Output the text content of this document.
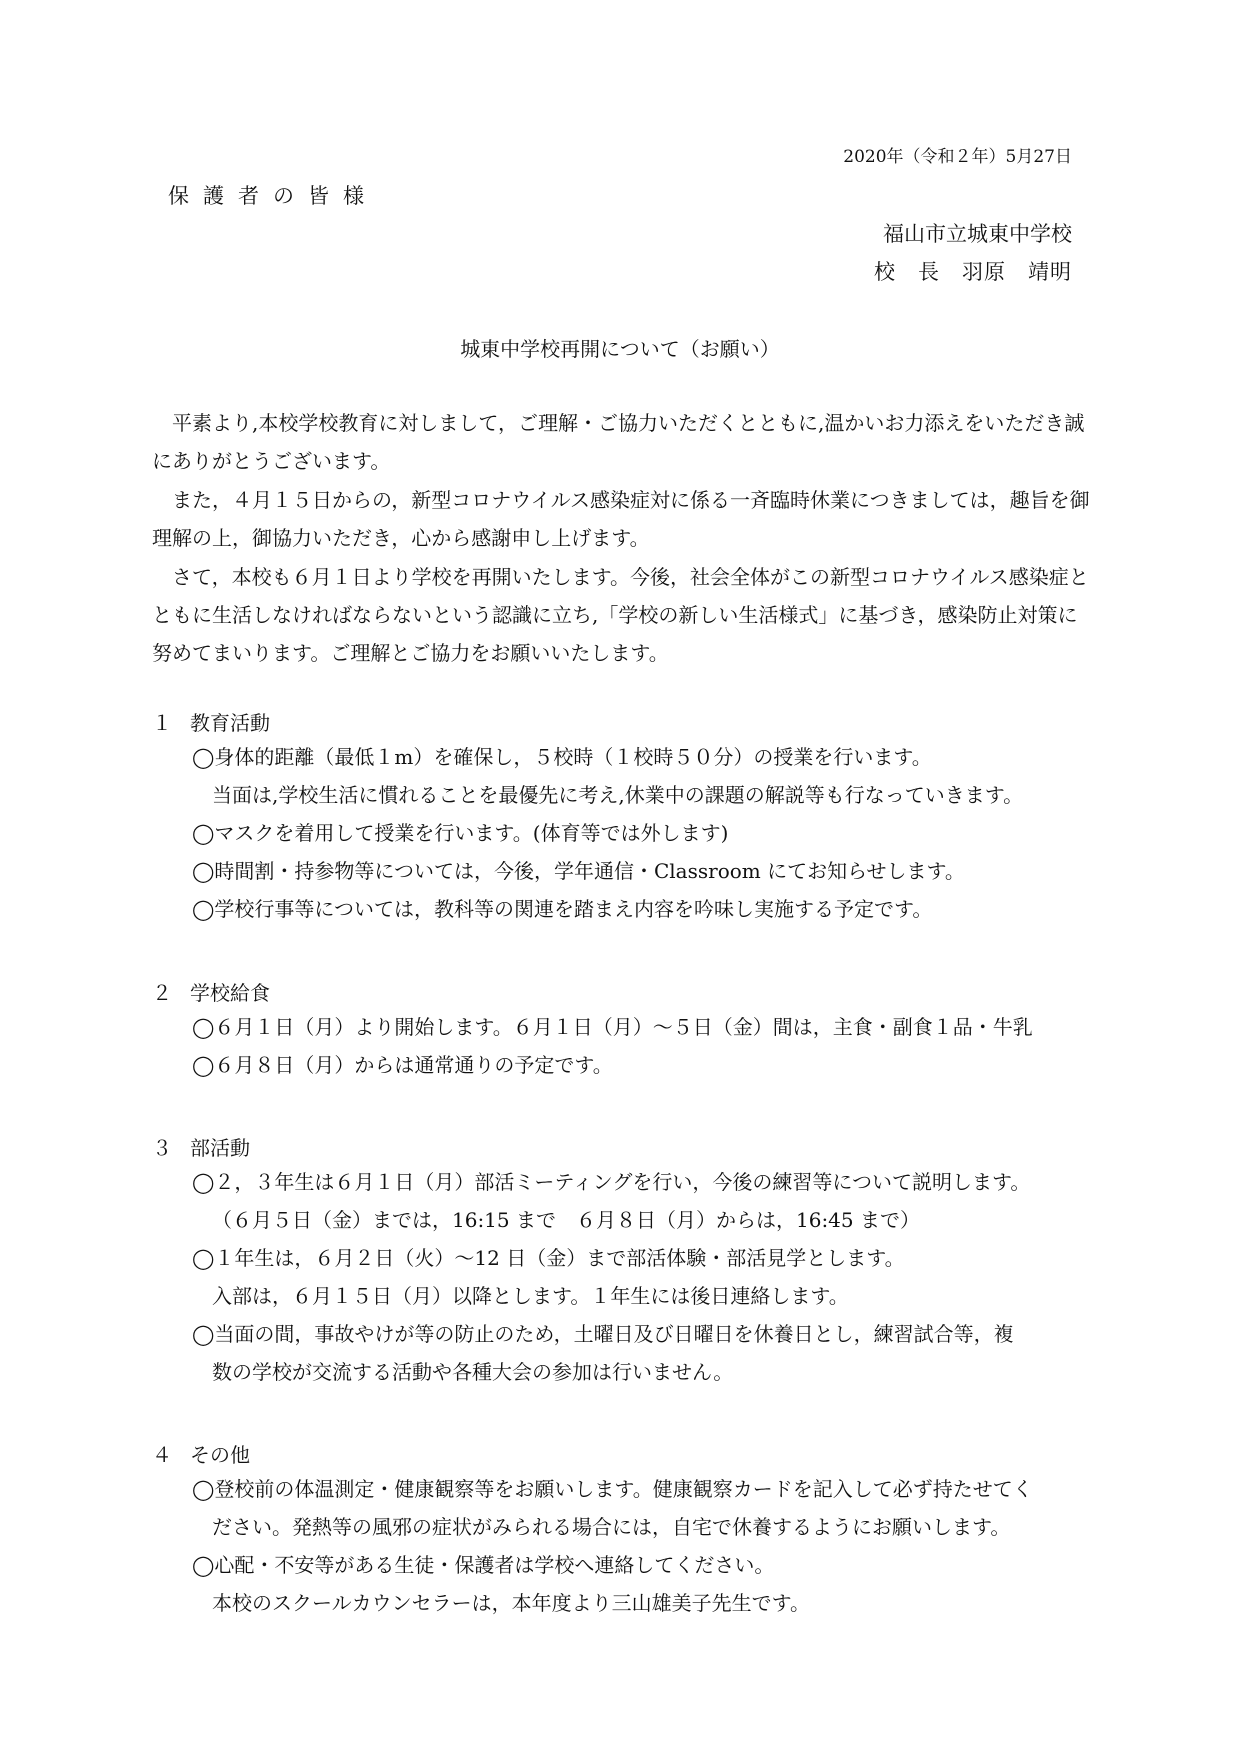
2020年（令和２年）5月27日
保護者の皆様
福山市立城東中学校
校　長　羽原　靖明
城東中学校再開について（お願い）
平素より,本校学校教育に対しまして，ご理解・ご協力いただくとともに,温かいお力添えをいただき誠にありがとうございます。
また，４月１５日からの，新型コロナウイルス感染症対に係る一斉臨時休業につきましては，趣旨を御理解の上，御協力いただき，心から感謝申し上げます。
さて，本校も６月１日より学校を再開いたします。今後，社会全体がこの新型コロナウイルス感染症とともに生活しなければならないという認識に立ち,「学校の新しい生活様式」に基づき，感染防止対策に努めてまいります。ご理解とご協力をお願いいたします。
１ 教育活動
◯身体的距離（最低１m）を確保し，５校時（１校時５０分）の授業を行います。
当面は,学校生活に慣れることを最優先に考え,休業中の課題の解説等も行なっていきます。
◯マスクを着用して授業を行います。(体育等では外します)
◯時間割・持参物等については，今後，学年通信・Classroom にてお知らせします。
◯学校行事等については，教科等の関連を踏まえ内容を吟味し実施する予定です。
２ 学校給食
◯６月１日（月）より開始します。６月１日（月）～５日（金）間は，主食・副食１品・牛乳
◯６月８日（月）からは通常通りの予定です。
３ 部活動
◯２，３年生は６月１日（月）部活ミーティングを行い，今後の練習等について説明します。
（６月５日（金）までは，16:15 まで　６月８日（月）からは，16:45 まで）
◯１年生は，６月２日（火）～12 日（金）まで部活体験・部活見学とします。
入部は，６月１５日（月）以降とします。１年生には後日連絡します。
◯当面の間，事故やけが等の防止のため，土曜日及び日曜日を休養日とし，練習試合等，複
数の学校が交流する活動や各種大会の参加は行いません。
４ その他
◯登校前の体温測定・健康観察等をお願いします。健康観察カードを記入して必ず持たせてく
ださい。発熱等の風邪の症状がみられる場合には，自宅で休養するようにお願いします。
◯心配・不安等がある生徒・保護者は学校へ連絡してください。
本校のスクールカウンセラーは，本年度より三山雄美子先生です。
